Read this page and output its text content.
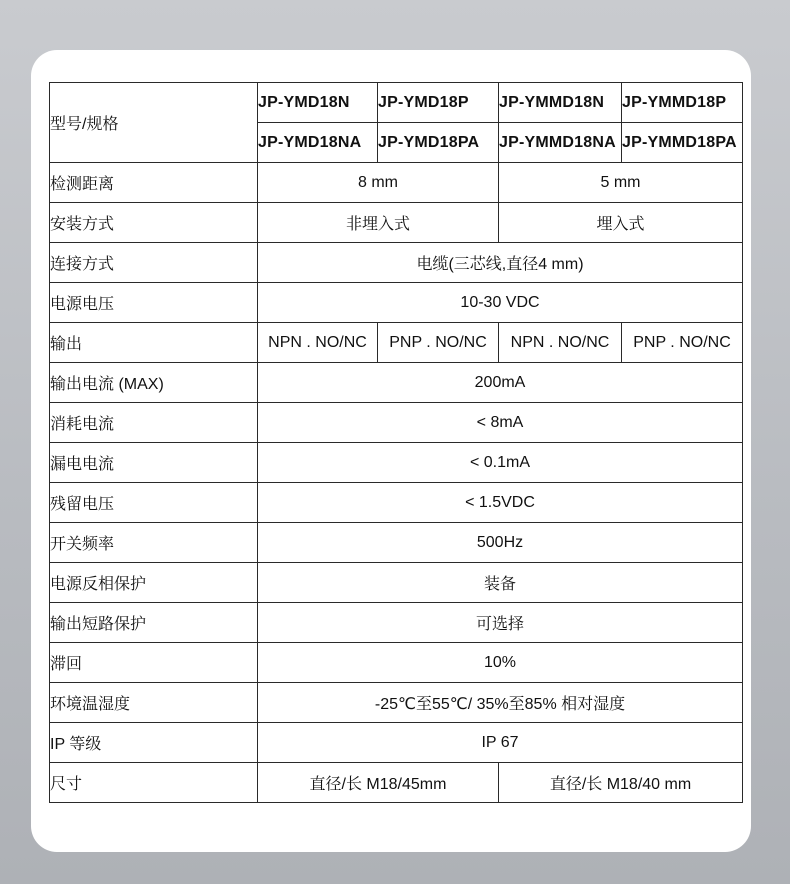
型号/规格	JP-YMD18N	JP-YMD18P	JP-YMMD18N	JP-YMMD18P
	JP-YMD18NA	JP-YMD18PA	JP-YMMD18NA	JP-YMMD18PA
检测距离	8 mm		5 mm	
安装方式	非埋入式		埋入式	
连接方式	电缆(三芯线,直径4 mm)			
电源电压	10-30 VDC			
输出	NPN . NO/NC	PNP . NO/NC	NPN . NO/NC	PNP . NO/NC
输出电流 (MAX)	200mA			
消耗电流	< 8mA			
漏电电流	< 0.1mA			
残留电压	< 1.5VDC			
开关频率	500Hz			
电源反相保护	装备			
输出短路保护	可选择			
滞回	10%			
环境温湿度	-25℃至55℃/ 35%至85% 相对湿度			
IP 等级	IP 67			
尺寸	直径/长 M18/45mm		直径/长 M18/40 mm	
